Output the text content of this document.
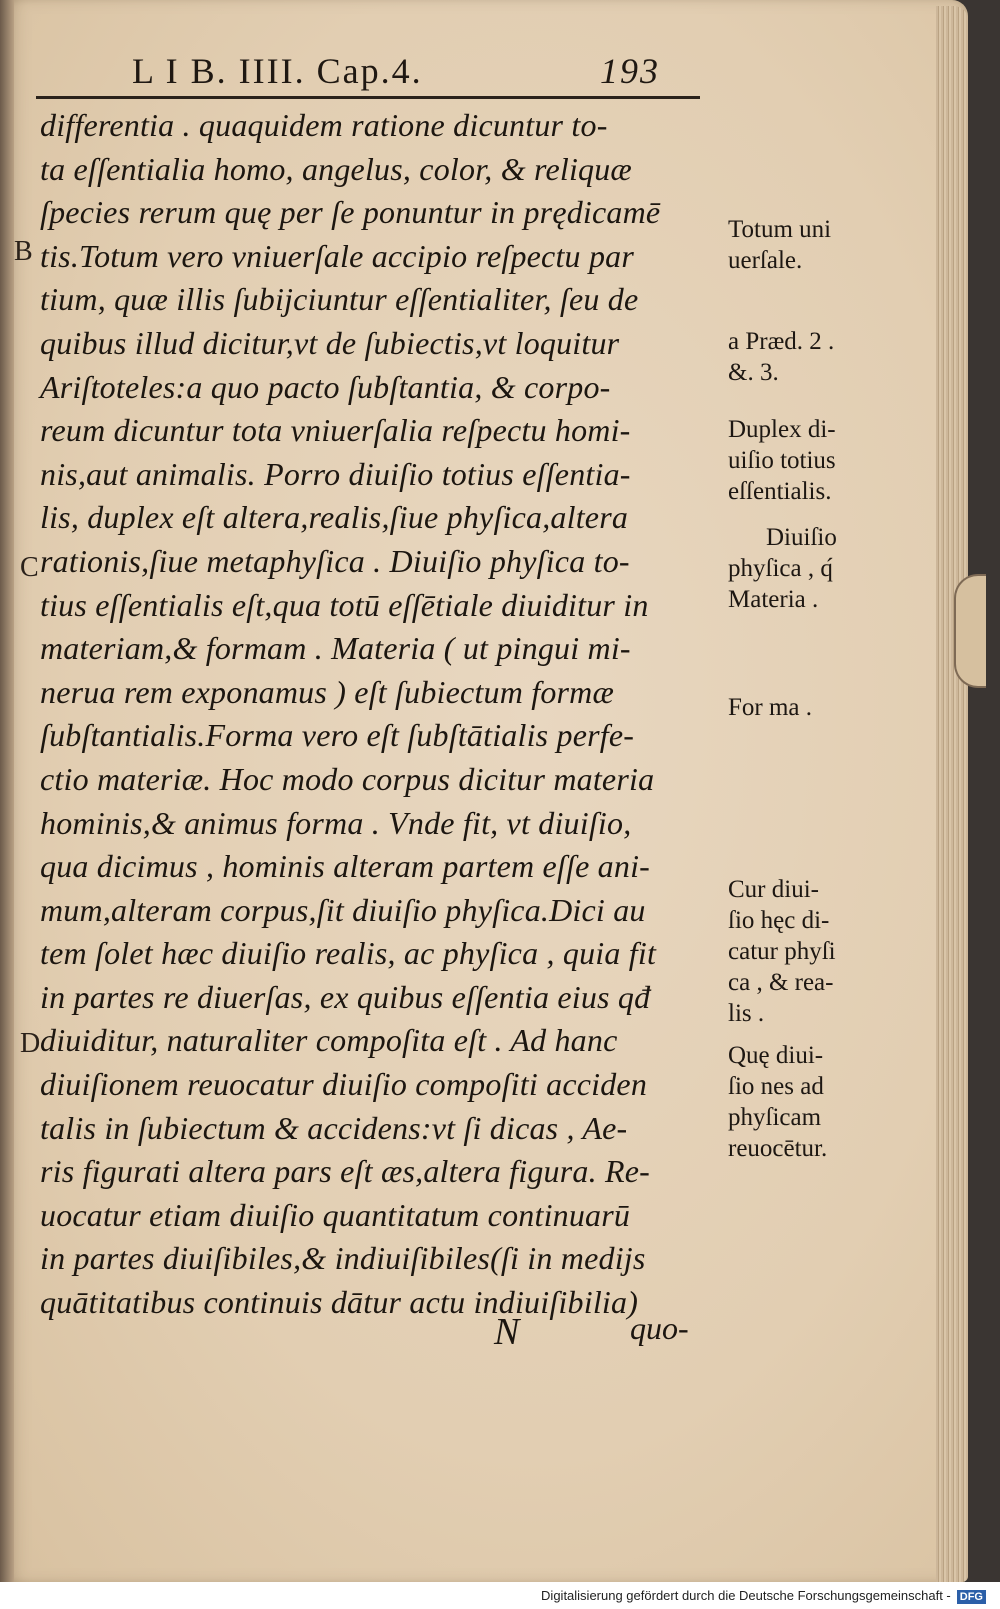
L I B. IIII. Cap.4.	193
B
C
D
differentia . quaquidem ratione dicuntur to-
ta eſſentialia homo, angelus, color, & reliquæ
ſpecies rerum quę per ſe ponuntur in prędicamē
tis.Totum vero vniuerſale accipio reſpectu par
tium, quæ illis ſubijciuntur eſſentialiter, ſeu de
quibus illud dicitur,vt de ſubiectis,vt loquitur
Ariſtoteles:a quo pacto ſubſtantia, & corpo-
reum dicuntur tota vniuerſalia reſpectu homi-
nis,aut animalis. Porro diuiſio totius eſſentia-
lis, duplex eſt altera,realis,ſiue phyſica,altera
rationis,ſiue metaphyſica . Diuiſio phyſica to-
tius eſſentialis eſt,qua totū eſſētiale diuiditur in
materiam,& formam . Materia ( ut pingui mi-
nerua rem exponamus ) eſt ſubiectum formæ
ſubſtantialis.Forma vero eſt ſubſtātialis perfe-
ctio materiæ. Hoc modo corpus dicitur materia
hominis,& animus forma . Vnde fit, vt diuiſio,
qua dicimus , hominis alteram partem eſſe ani-
mum,alteram corpus,ſit diuiſio phyſica.Dici au
tem ſolet hæc diuiſio realis, ac phyſica , quia fit
in partes re diuerſas, ex quibus eſſentia eius qđ
diuiditur, naturaliter compoſita eſt . Ad hanc
diuiſionem reuocatur diuiſio compoſiti acciden
talis in ſubiectum & accidens:vt ſi dicas , Ae-
ris figurati altera pars eſt æs,altera figura. Re-
uocatur etiam diuiſio quantitatum continuarū
in partes diuiſibiles,& indiuiſibiles(ſi in medijs
quātitatibus continuis dātur actu indiuiſibilia)
Totum uni
uerſale.
a Præd. 2 .
&. 3.
Duplex di-
uiſio totius
eſſentialis.
Diuiſio
phyſica , q́
Materia .
For ma .
Cur diui-
ſio hęc di-
catur phyſi
ca , & rea-
lis .
Quę diui-
ſio nes ad
phyſicam
reuocētur.
N	quo-
Digitalisierung gefördert durch die Deutsche Forschungsgemeinschaft - DFG
